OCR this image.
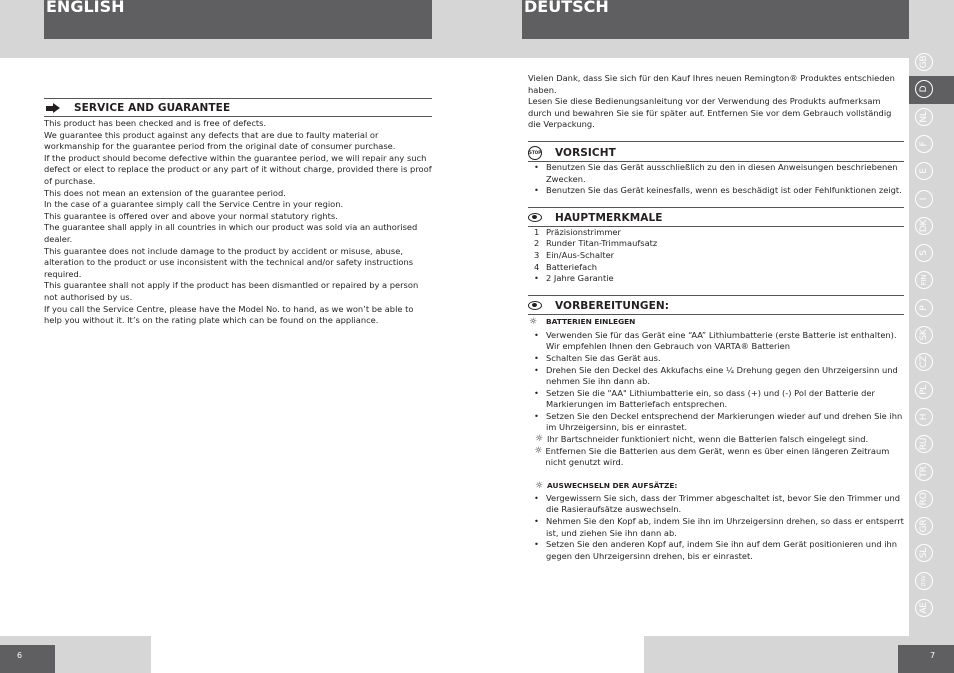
ENGLISH	DEUTSCH
GB
D
NL
F
E
I
DK
S
FIN
P
SK
CZ
PL
H
RU
TR
RO
GR
SL
LT/LV
AE
SERVICE AND GUARANTEE

This product has been checked and is free of defects.

We guarantee this product against any defects that are due to faulty material or workmanship for the guarantee period from the original date of consumer purchase.

If the product should become defective within the guarantee period, we will repair any such defect or elect to replace the product or any part of it without charge, provided there is proof of purchase.

This does not mean an extension of the guarantee period.

In the case of a guarantee simply call the Service Centre in your region.

This guarantee is offered over and above your normal statutory rights.

The guarantee shall apply in all countries in which our product was sold via an authorised dealer.

This guarantee does not include damage to the product by accident or misuse, abuse, alteration to the product or use inconsistent with the technical and/or safety instructions required.

This guarantee shall not apply if the product has been dismantled or repaired by a person not authorised by us.

If you call the Service Centre, please have the Model No. to hand, as we won’t be able to help you without it. It’s on the rating plate which can be found on the appliance.

Vielen Dank, dass Sie sich für den Kauf Ihres neuen Remington® Produktes entschieden haben.

Lesen Sie diese Bedienungsanleitung vor der Verwendung des Produkts aufmerksam durch und bewahren Sie sie für später auf. Entfernen Sie vor dem Gebrauch vollständig die Verpackung.

STOP VORSICHT
• Benutzen Sie das Gerät ausschließlich zu den in diesen Anweisungen beschriebenen Zwecken.
• Benutzen Sie das Gerät keinesfalls, wenn es beschädigt ist oder Fehlfunktionen zeigt.
HAUPTMERKMALE
1 Präzisionstrimmer
2 Runder Titan-Trimmaufsatz
3 Ein/Aus-Schalter
4 Batteriefach
• 2 Jahre Garantie
VORBEREITUNGEN:
☼ BATTERIEN EINLEGEN
• Verwenden Sie für das Gerät eine “AA” Lithiumbatterie (erste Batterie ist enthalten). Wir empfehlen Ihnen den Gebrauch von VARTA® Batterien
• Schalten Sie das Gerät aus.
• Drehen Sie den Deckel des Akkufachs eine ¼ Drehung gegen den Uhrzeigersinn und nehmen Sie ihn dann ab.
• Setzen Sie die "AA" Lithiumbatterie ein, so dass (+) und (-) Pol der Batterie der Markierungen im Batteriefach entsprechen.
• Setzen Sie den Deckel entsprechend der Markierungen wieder auf und drehen Sie ihn im Uhrzeigersinn, bis er einrastet.
☼ Ihr Bartschneider funktioniert nicht, wenn die Batterien falsch eingelegt sind.
☼ Entfernen Sie die Batterien aus dem Gerät, wenn es über einen längeren Zeitraum nicht genutzt wird.
☼ AUSWECHSELN DER AUFSÄTZE:
• Vergewissern Sie sich, dass der Trimmer abgeschaltet ist, bevor Sie den Trimmer und die Rasieraufsätze auswechseln.
• Nehmen Sie den Kopf ab, indem Sie ihn im Uhrzeigersinn drehen, so dass er entsperrt ist, und ziehen Sie ihn dann ab.
• Setzen Sie den anderen Kopf auf, indem Sie ihn auf dem Gerät positionieren und ihn gegen den Uhrzeigersinn drehen, bis er einrastet.
6	7
